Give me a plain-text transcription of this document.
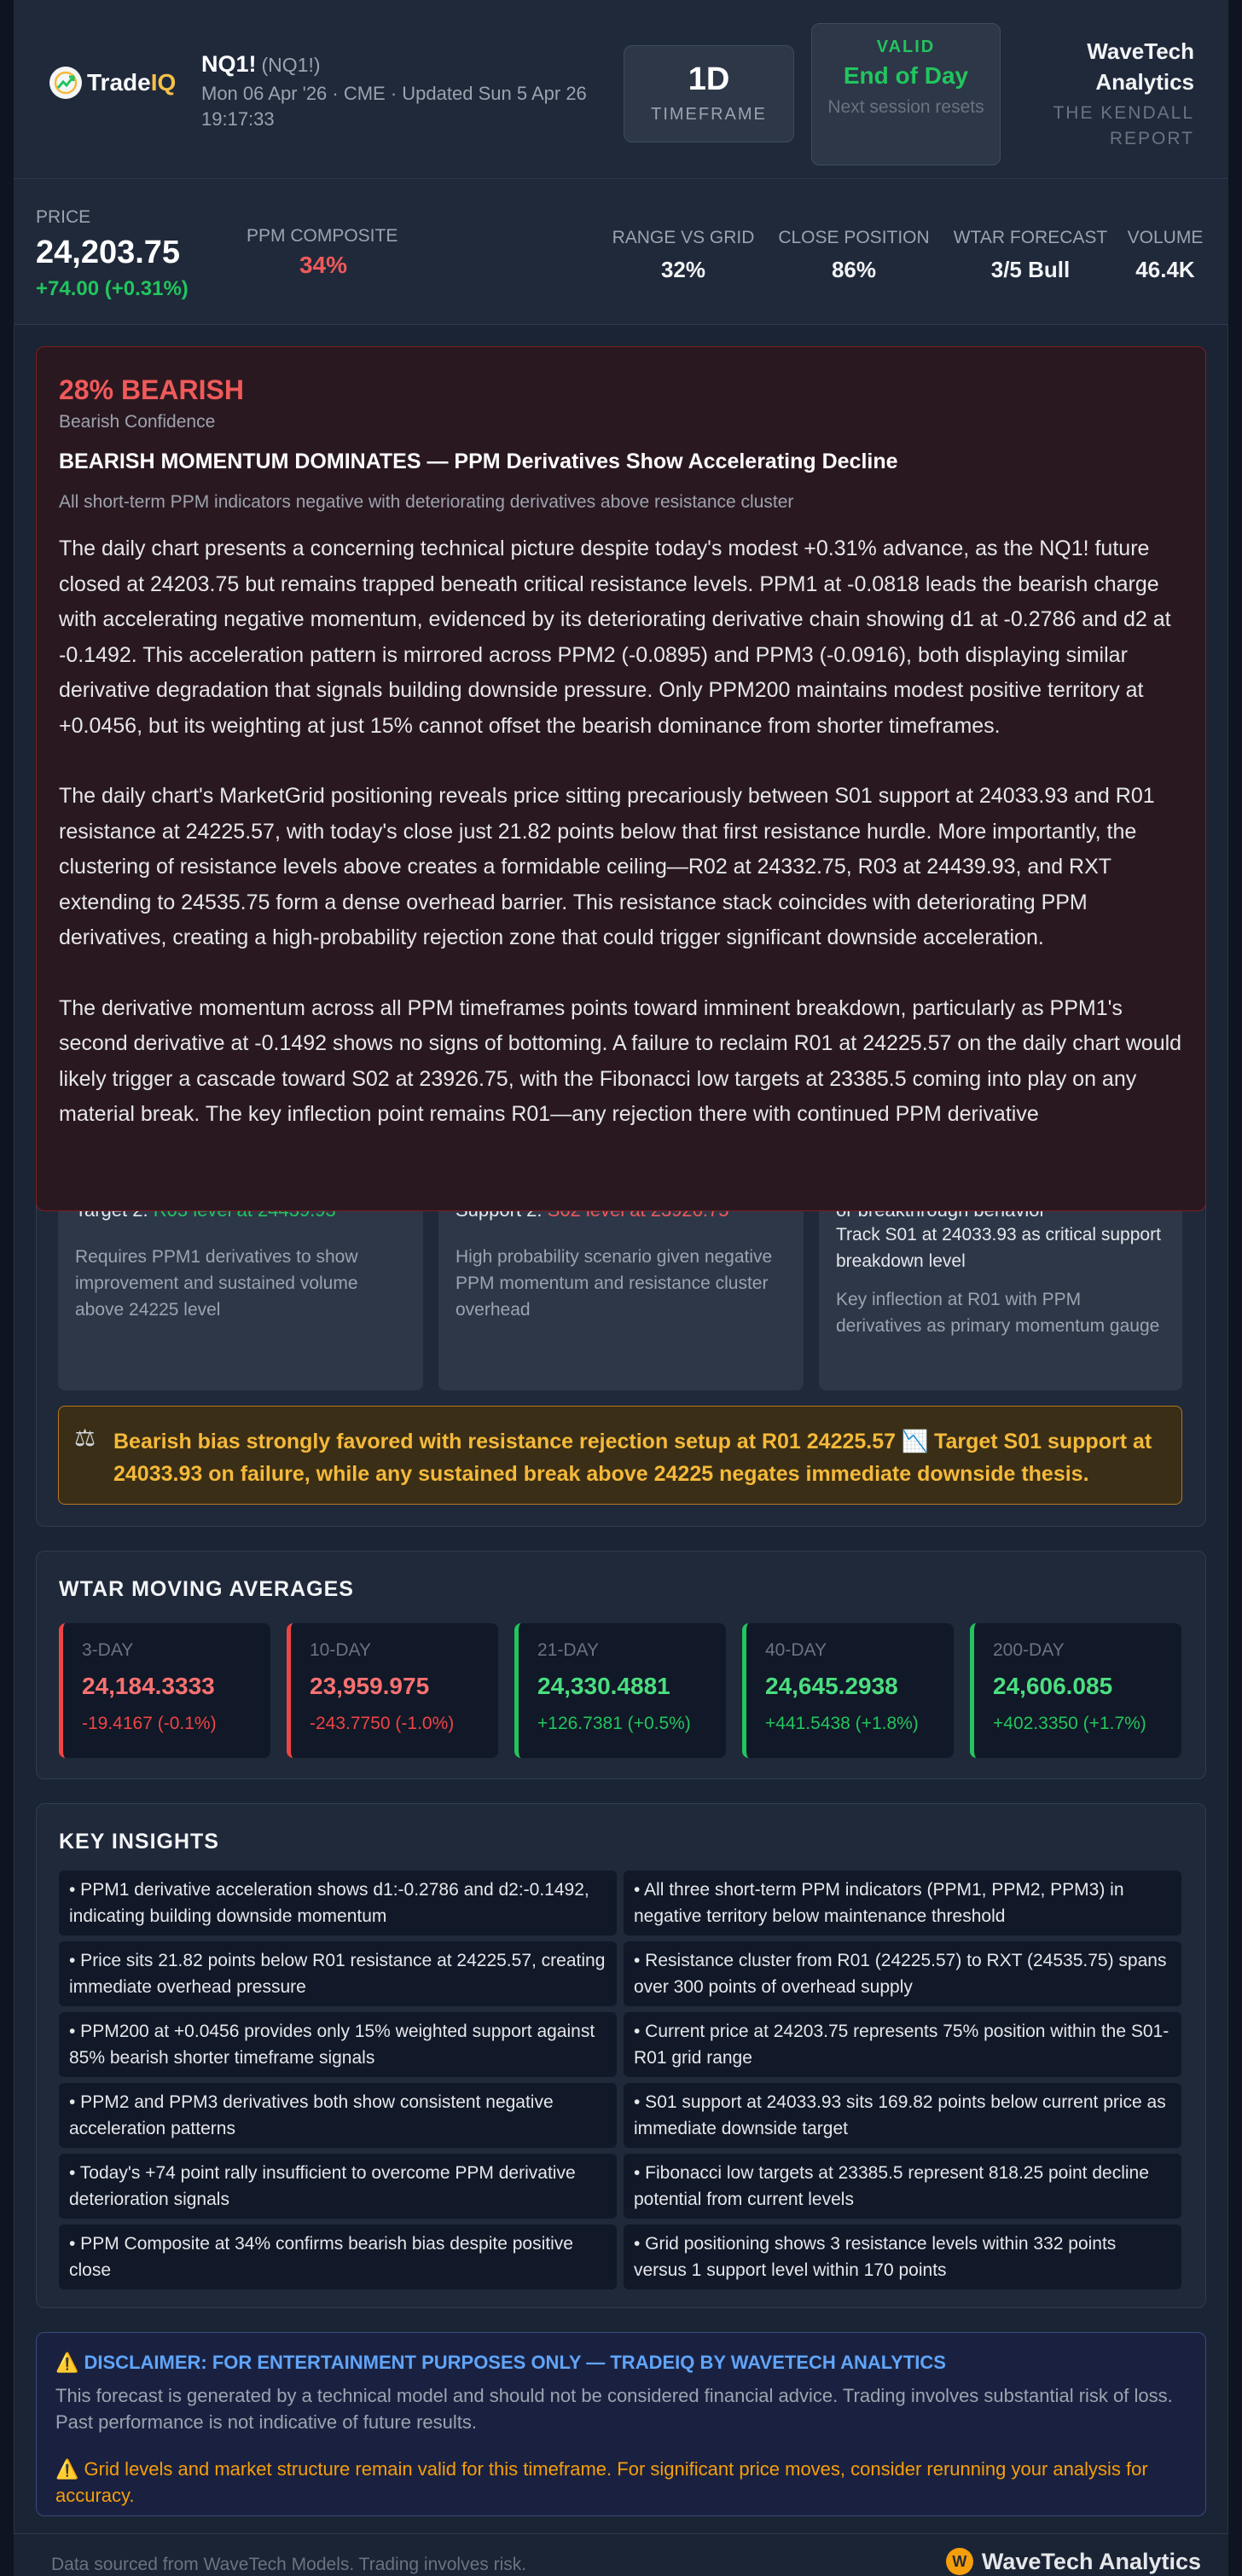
TradeIQ
NQ1! (NQ1!)
Mon 06 Apr '26 · CME · Updated Sun 5 Apr 26 19:17:33
1D
TIMEFRAME
VALID
End of Day
Next session resets
WaveTech Analytics
THE KENDALL REPORT
PRICE
24,203.75
+74.00 (+0.31%)
PPM COMPOSITE
34%
RANGE VS GRID
32%
CLOSE POSITION
86%
WTAR FORECAST
3/5 Bull
VOLUME
46.4K
Requires PPM1 derivatives to show improvement and sustained volume above 24225 level
High probability scenario given negative PPM momentum and resistance cluster overhead
Track S01 at 24033.93 as critical support breakdown level
Key inflection at R01 with PPM derivatives as primary momentum gauge
28% BEARISH
Bearish Confidence
BEARISH MOMENTUM DOMINATES — PPM Derivatives Show Accelerating Decline
All short-term PPM indicators negative with deteriorating derivatives above resistance cluster

The daily chart presents a concerning technical picture despite today's modest +0.31% advance, as the NQ1! future closed at 24203.75 but remains trapped beneath critical resistance levels. PPM1 at -0.0818 leads the bearish charge with accelerating negative momentum, evidenced by its deteriorating derivative chain showing d1 at -0.2786 and d2 at -0.1492. This acceleration pattern is mirrored across PPM2 (-0.0895) and PPM3 (-0.0916), both displaying similar derivative degradation that signals building downside pressure. Only PPM200 maintains modest positive territory at +0.0456, but its weighting at just 15% cannot offset the bearish dominance from shorter timeframes.

The daily chart's MarketGrid positioning reveals price sitting precariously between S01 support at 24033.93 and R01 resistance at 24225.57, with today's close just 21.82 points below that first resistance hurdle. More importantly, the clustering of resistance levels above creates a formidable ceiling—R02 at 24332.75, R03 at 24439.93, and RXT extending to 24535.75 form a dense overhead barrier. This resistance stack coincides with deteriorating PPM derivatives, creating a high-probability rejection zone that could trigger significant downside acceleration.

The derivative momentum across all PPM timeframes points toward imminent breakdown, particularly as PPM1's second derivative at -0.1492 shows no signs of bottoming. A failure to reclaim R01 at 24225.57 on the daily chart would likely trigger a cascade toward S02 at 23926.75, with the Fibonacci low targets at 23385.5 coming into play on any material break. The key inflection point remains R01—any rejection there with continued PPM derivative

⚖ Bearish bias strongly favored with resistance rejection setup at R01 24225.57 📉 Target S01 support at 24033.93 on failure, while any sustained break above 24225 negates immediate downside thesis.
WTAR MOVING AVERAGES
3-DAY
24,184.3333
-19.4167 (-0.1%)
10-DAY
23,959.975
-243.7750 (-1.0%)
21-DAY
24,330.4881
+126.7381 (+0.5%)
40-DAY
24,645.2938
+441.5438 (+1.8%)
200-DAY
24,606.085
+402.3350 (+1.7%)
KEY INSIGHTS
• PPM1 derivative acceleration shows d1:-0.2786 and d2:-0.1492, indicating building downside momentum
• All three short-term PPM indicators (PPM1, PPM2, PPM3) in negative territory below maintenance threshold
• Price sits 21.82 points below R01 resistance at 24225.57, creating immediate overhead pressure
• Resistance cluster from R01 (24225.57) to RXT (24535.75) spans over 300 points of overhead supply
• PPM200 at +0.0456 provides only 15% weighted support against 85% bearish shorter timeframe signals
• Current price at 24203.75 represents 75% position within the S01-R01 grid range
• PPM2 and PPM3 derivatives both show consistent negative acceleration patterns
• S01 support at 24033.93 sits 169.82 points below current price as immediate downside target
• Today's +74 point rally insufficient to overcome PPM derivative deterioration signals
• Fibonacci low targets at 23385.5 represent 818.25 point decline potential from current levels
• PPM Composite at 34% confirms bearish bias despite positive close
• Grid positioning shows 3 resistance levels within 332 points versus 1 support level within 170 points
⚠️ DISCLAIMER: FOR ENTERTAINMENT PURPOSES ONLY — TRADEIQ BY WAVETECH ANALYTICS
This forecast is generated by a technical model and should not be considered financial advice. Trading involves substantial risk of loss. Past performance is not indicative of future results.
⚠️ Grid levels and market structure remain valid for this timeframe. For significant price moves, consider rerunning your analysis for accuracy.
Data sourced from WaveTech Models. Trading involves risk.	W WaveTech Analytics
